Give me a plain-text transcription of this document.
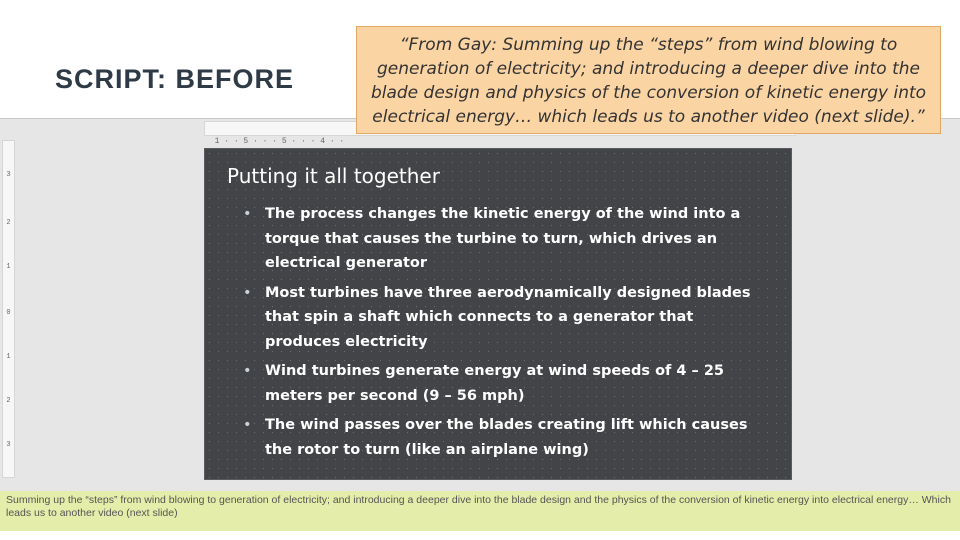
SCRIPT: BEFORE

1 · · 5 · · · 5 · · · 4 · ·

3
2
1
0
1
2
3
Putting it all together
• The process changes the kinetic energy of the wind into a torque that causes the turbine to turn, which drives an electrical generator
• Most turbines have three aerodynamically designed blades that spin a shaft which connects to a generator that produces electricity
• Wind turbines generate energy at wind speeds of 4 – 25 meters per second (9 – 56 mph)
• The wind passes over the blades creating lift which causes the rotor to turn (like an airplane wing)
“From Gay: Summing up the “steps” from wind blowing to generation of electricity; and introducing a deeper dive into the blade design and physics of the conversion of kinetic energy into electrical energy… which leads us to another video (next slide).”
Summing up the “steps” from wind blowing to generation of electricity; and introducing a deeper dive into the blade design and the physics of the conversion of kinetic energy into electrical energy… Which leads us to another video (next slide)
